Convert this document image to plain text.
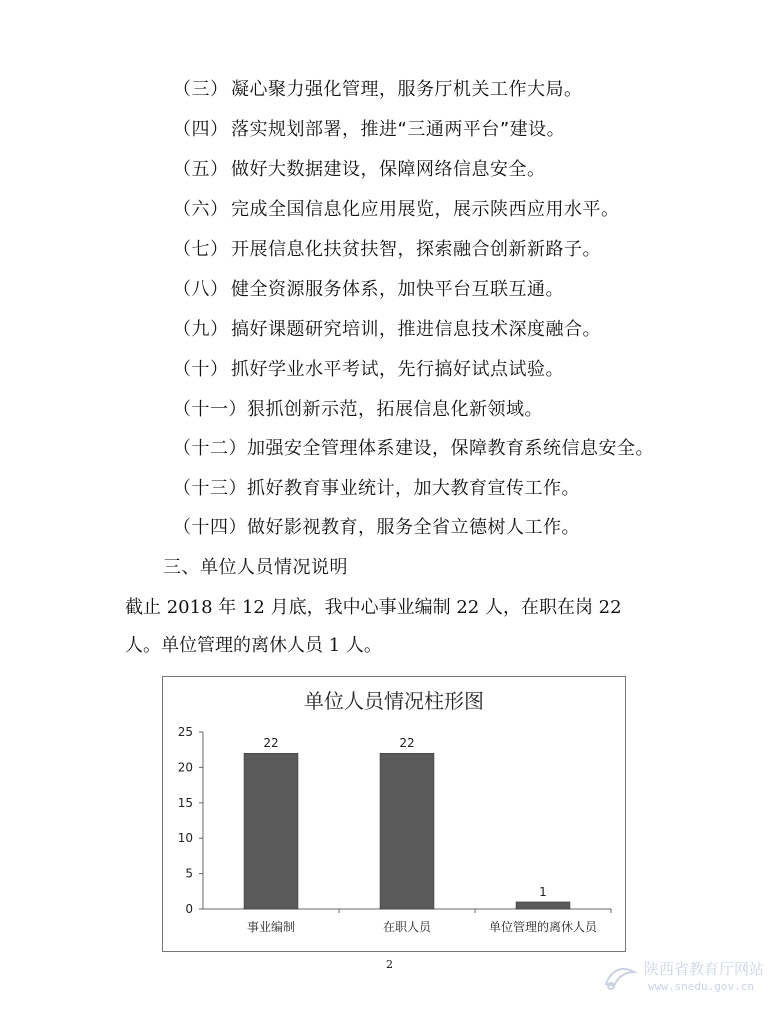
（三） 凝心聚力强化管理，服务厅机关工作大局。
（四） 落实规划部署，推进“三通两平台”建设。
（五） 做好大数据建设，保障网络信息安全。
（六） 完成全国信息化应用展览，展示陕西应用水平。
（七） 开展信息化扶贫扶智，探索融合创新新路子。
（八） 健全资源服务体系，加快平台互联互通。
（九） 搞好课题研究培训，推进信息技术深度融合。
（十） 抓好学业水平考试，先行搞好试点试验。
（十一）狠抓创新示范，拓展信息化新领域。
（十二）加强安全管理体系建设，保障教育系统信息安全。
（十三）抓好教育事业统计，加大教育宣传工作。
（十四）做好影视教育，服务全省立德树人工作。
三、单位人员情况说明
截止 2018 年 12 月底，我中心事业编制 22 人，在职在岗 22
人。单位管理的离休人员 1 人。
单位人员情况柱形图
0
5
10
15
20
25
事业编制	在职人员	单位管理的离休人员
22	22
1
2	陕西省教育厅网站
www.snedu.gov.cn
